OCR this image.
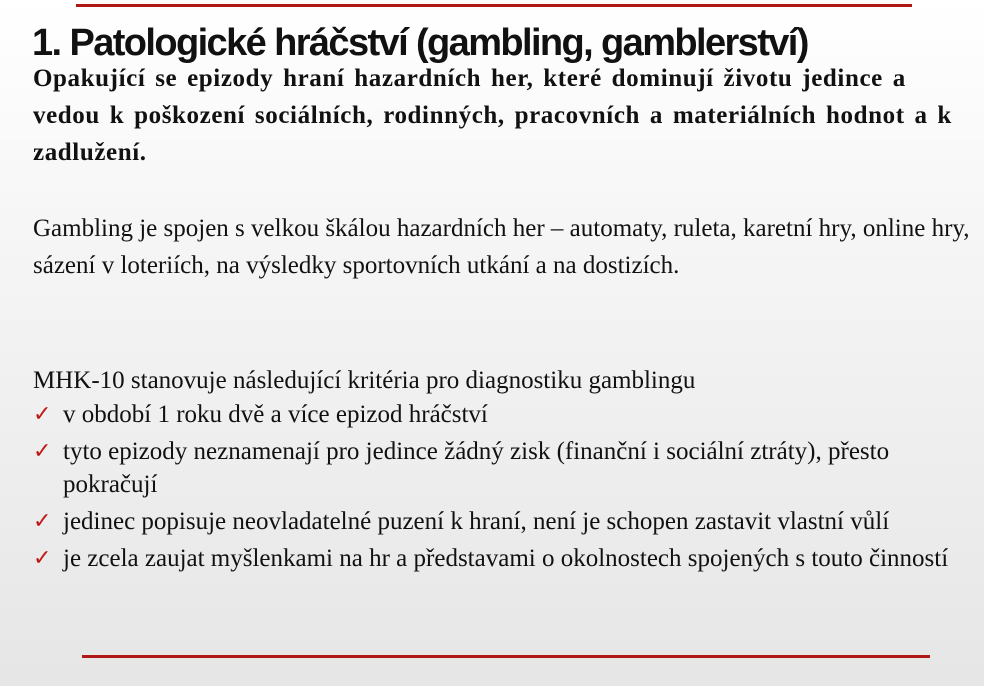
1. Patologické hráčství (gambling, gamblerství)

Opakující se epizody hraní hazardních her, které dominují životu jedince a vedou k poškození sociálních, rodinných, pracovních a materiálních hodnot a k zadlužení.

Gambling je spojen s velkou škálou hazardních her – automaty, ruleta, karetní hry, online hry, sázení v loteriích, na výsledky sportovních utkání a na dostizích.

MHK-10 stanovuje následující kritéria pro diagnostiku gamblingu

✓ v období 1 roku dvě a více epizod hráčství
✓ tyto epizody neznamenají pro jedince žádný zisk (finanční i sociální ztráty), přesto pokračují
✓ jedinec popisuje neovladatelné puzení k hraní, není je schopen zastavit vlastní vůlí
✓ je zcela zaujat myšlenkami na hr a představami o okolnostech spojených s touto činností
